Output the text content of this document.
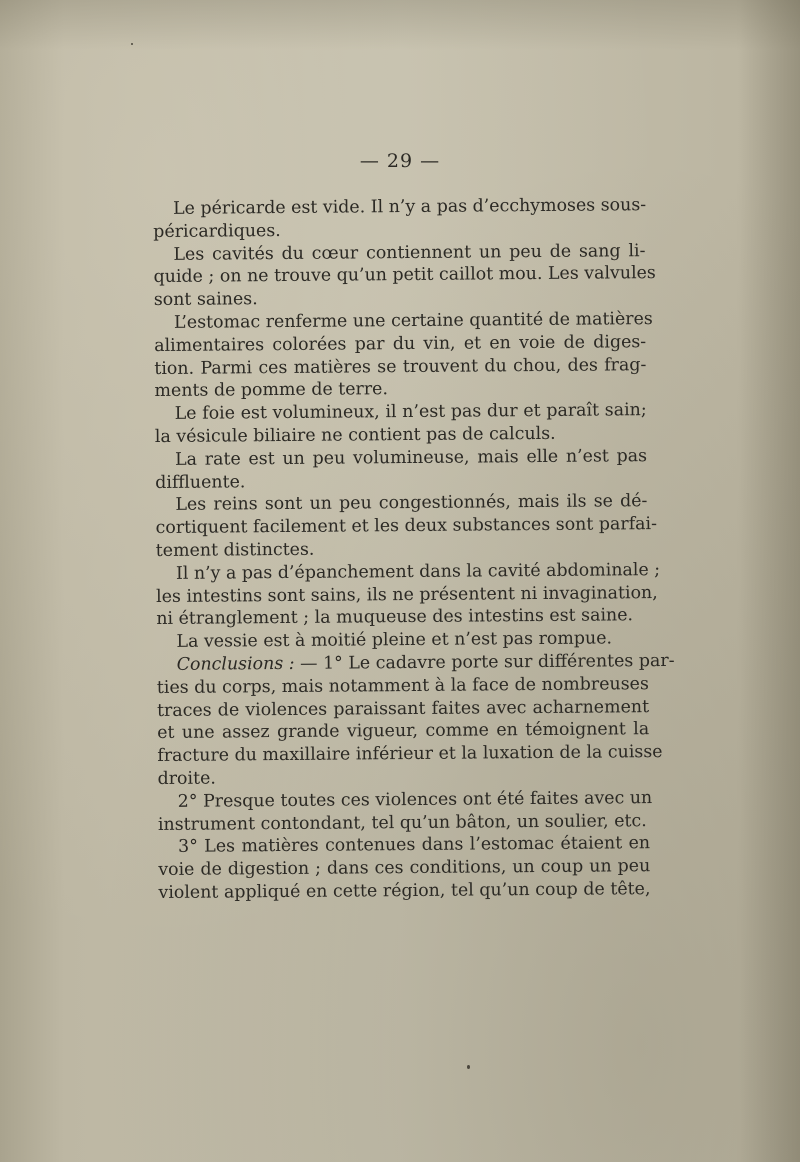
— 29 —
Le péricarde est vide. Il n’y a pas d’ecchymoses sous-
péricardiques.
Les cavités du cœur contiennent un peu de sang li-
quide ; on ne trouve qu’un petit caillot mou. Les valvules
sont saines.
L’estomac renferme une certaine quantité de matières
alimentaires colorées par du vin, et en voie de diges-
tion. Parmi ces matières se trouvent du chou, des frag-
ments de pomme de terre.
Le foie est volumineux, il n’est pas dur et paraît sain;
la vésicule biliaire ne contient pas de calculs.
La rate est un peu volumineuse, mais elle n’est pas
diffluente.
Les reins sont un peu congestionnés, mais ils se dé-
cortiquent facilement et les deux substances sont parfai-
tement distinctes.
Il n’y a pas d’épanchement dans la cavité abdominale ;
les intestins sont sains, ils ne présentent ni invagination,
ni étranglement ; la muqueuse des intestins est saine.
La vessie est à moitié pleine et n’est pas rompue.
Conclusions : — 1° Le cadavre porte sur différentes par-
ties du corps, mais notamment à la face de nombreuses
traces de violences paraissant faites avec acharnement
et une assez grande vigueur, comme en témoignent la
fracture du maxillaire inférieur et la luxation de la cuisse
droite.
2° Presque toutes ces violences ont été faites avec un
instrument contondant, tel qu’un bâton, un soulier, etc.
3° Les matières contenues dans l’estomac étaient en
voie de digestion ; dans ces conditions, un coup un peu
violent appliqué en cette région, tel qu’un coup de tête,
